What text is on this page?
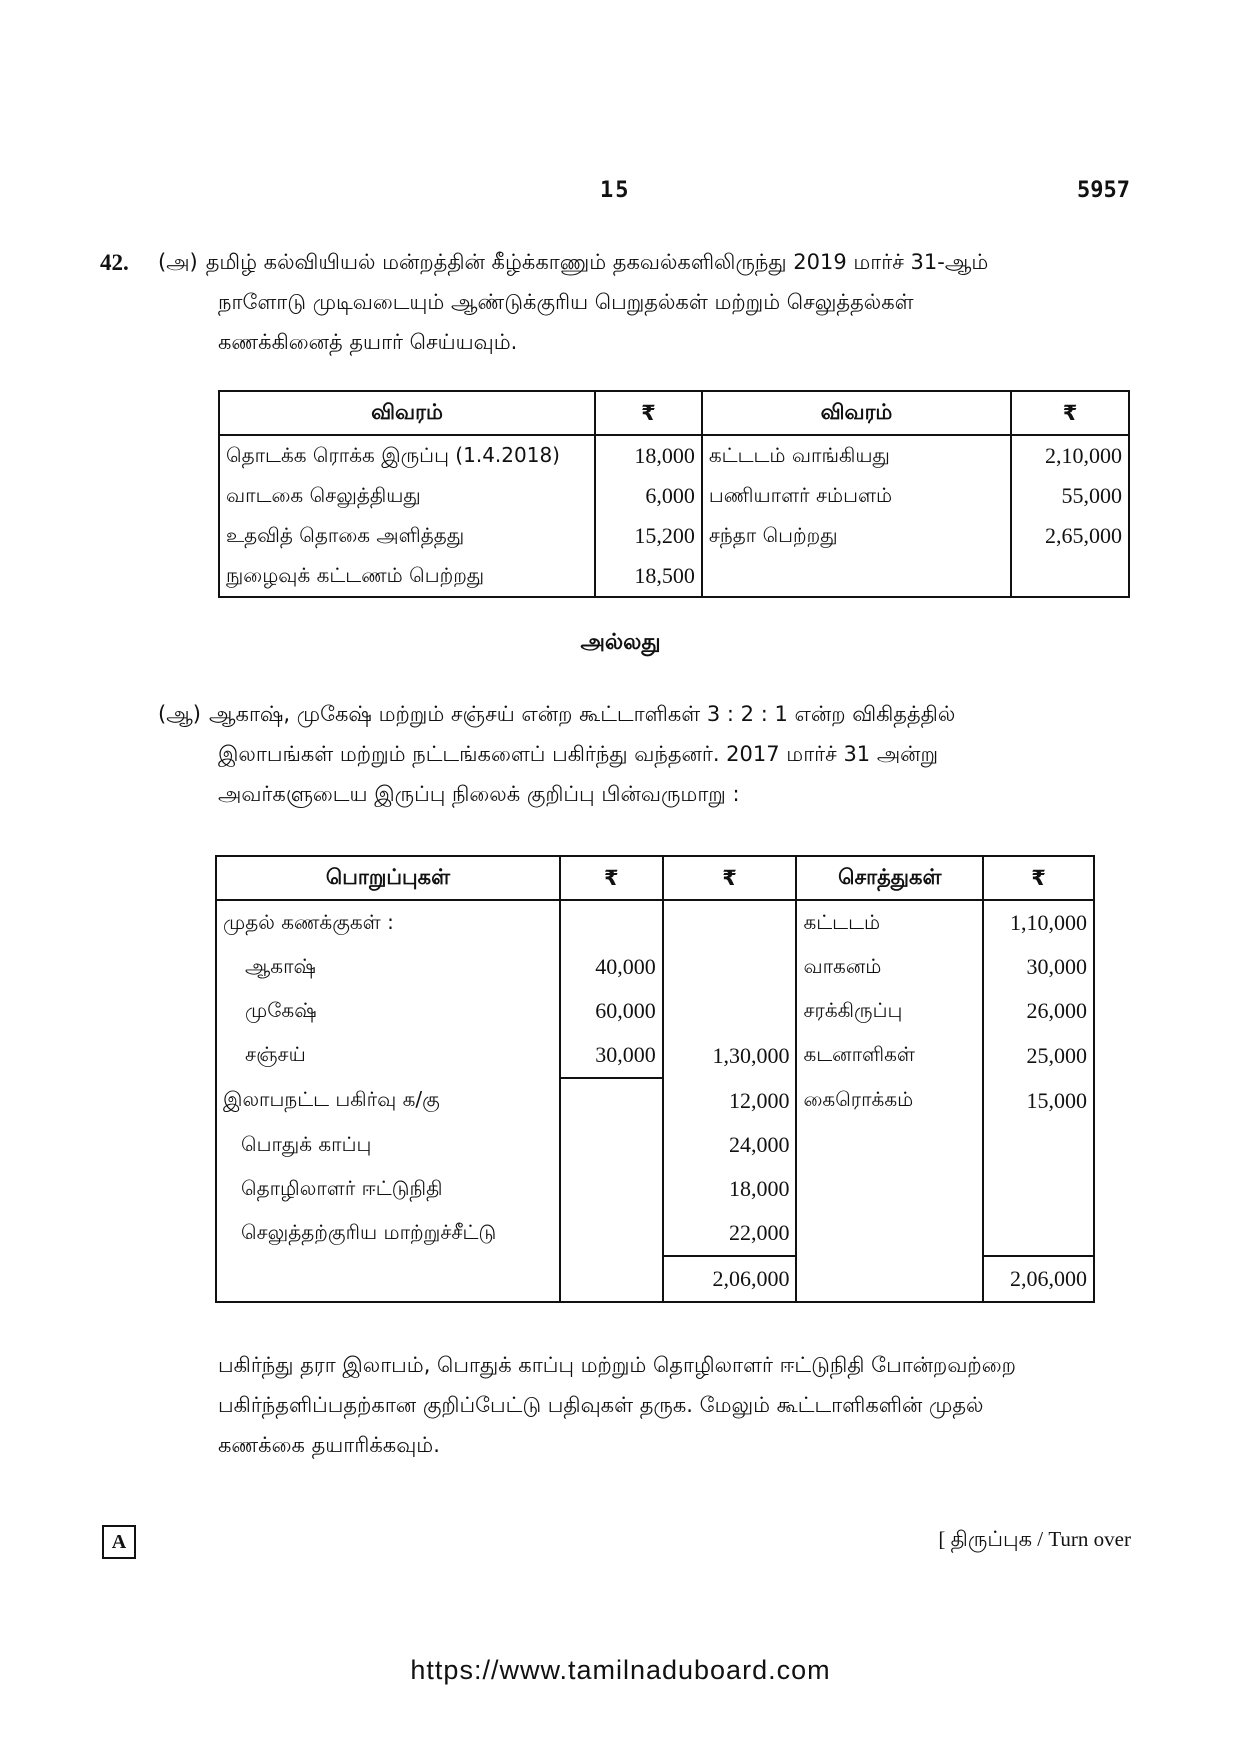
15	5957
42. (அ) தமிழ் கல்வியியல் மன்றத்தின் கீழ்க்காணும் தகவல்களிலிருந்து 2019 மார்ச் 31-ஆம்
நாளோடு முடிவடையும் ஆண்டுக்குரிய பெறுதல்கள் மற்றும் செலுத்தல்கள்
கணக்கினைத் தயார் செய்யவும்.
விவரம்	₹	விவரம்	₹
தொடக்க ரொக்க இருப்பு (1.4.2018)	18,000	கட்டடம் வாங்கியது	2,10,000
வாடகை செலுத்தியது	6,000	பணியாளர் சம்பளம்	55,000
உதவித் தொகை அளித்தது	15,200	சந்தா பெற்றது	2,65,000
நுழைவுக் கட்டணம் பெற்றது	18,500		
அல்லது
(ஆ) ஆகாஷ், முகேஷ் மற்றும் சஞ்சய் என்ற கூட்டாளிகள் 3 : 2 : 1 என்ற விகிதத்தில்
இலாபங்கள் மற்றும் நட்டங்களைப் பகிர்ந்து வந்தனர். 2017 மார்ச் 31 அன்று
அவர்களுடைய இருப்பு நிலைக் குறிப்பு பின்வருமாறு :
பொறுப்புகள்	₹	₹	சொத்துகள்	₹
முதல் கணக்குகள் :			கட்டடம்	1,10,000
ஆகாஷ்	40,000		வாகனம்	30,000
முகேஷ்	60,000		சரக்கிருப்பு	26,000
சஞ்சய்	30,000	1,30,000	கடனாளிகள்	25,000
இலாபநட்ட பகிர்வு க/கு		12,000	கைரொக்கம்	15,000
பொதுக் காப்பு		24,000		
தொழிலாளர் ஈட்டுநிதி		18,000		
செலுத்தற்குரிய மாற்றுச்சீட்டு		22,000		
		2,06,000		2,06,000
பகிர்ந்து தரா இலாபம், பொதுக் காப்பு மற்றும் தொழிலாளர் ஈட்டுநிதி போன்றவற்றை
பகிர்ந்தளிப்பதற்கான குறிப்பேட்டு பதிவுகள் தருக. மேலும் கூட்டாளிகளின் முதல்
கணக்கை தயாரிக்கவும்.
A	[ திருப்புக / Turn over
https://www.tamilnaduboard.com
